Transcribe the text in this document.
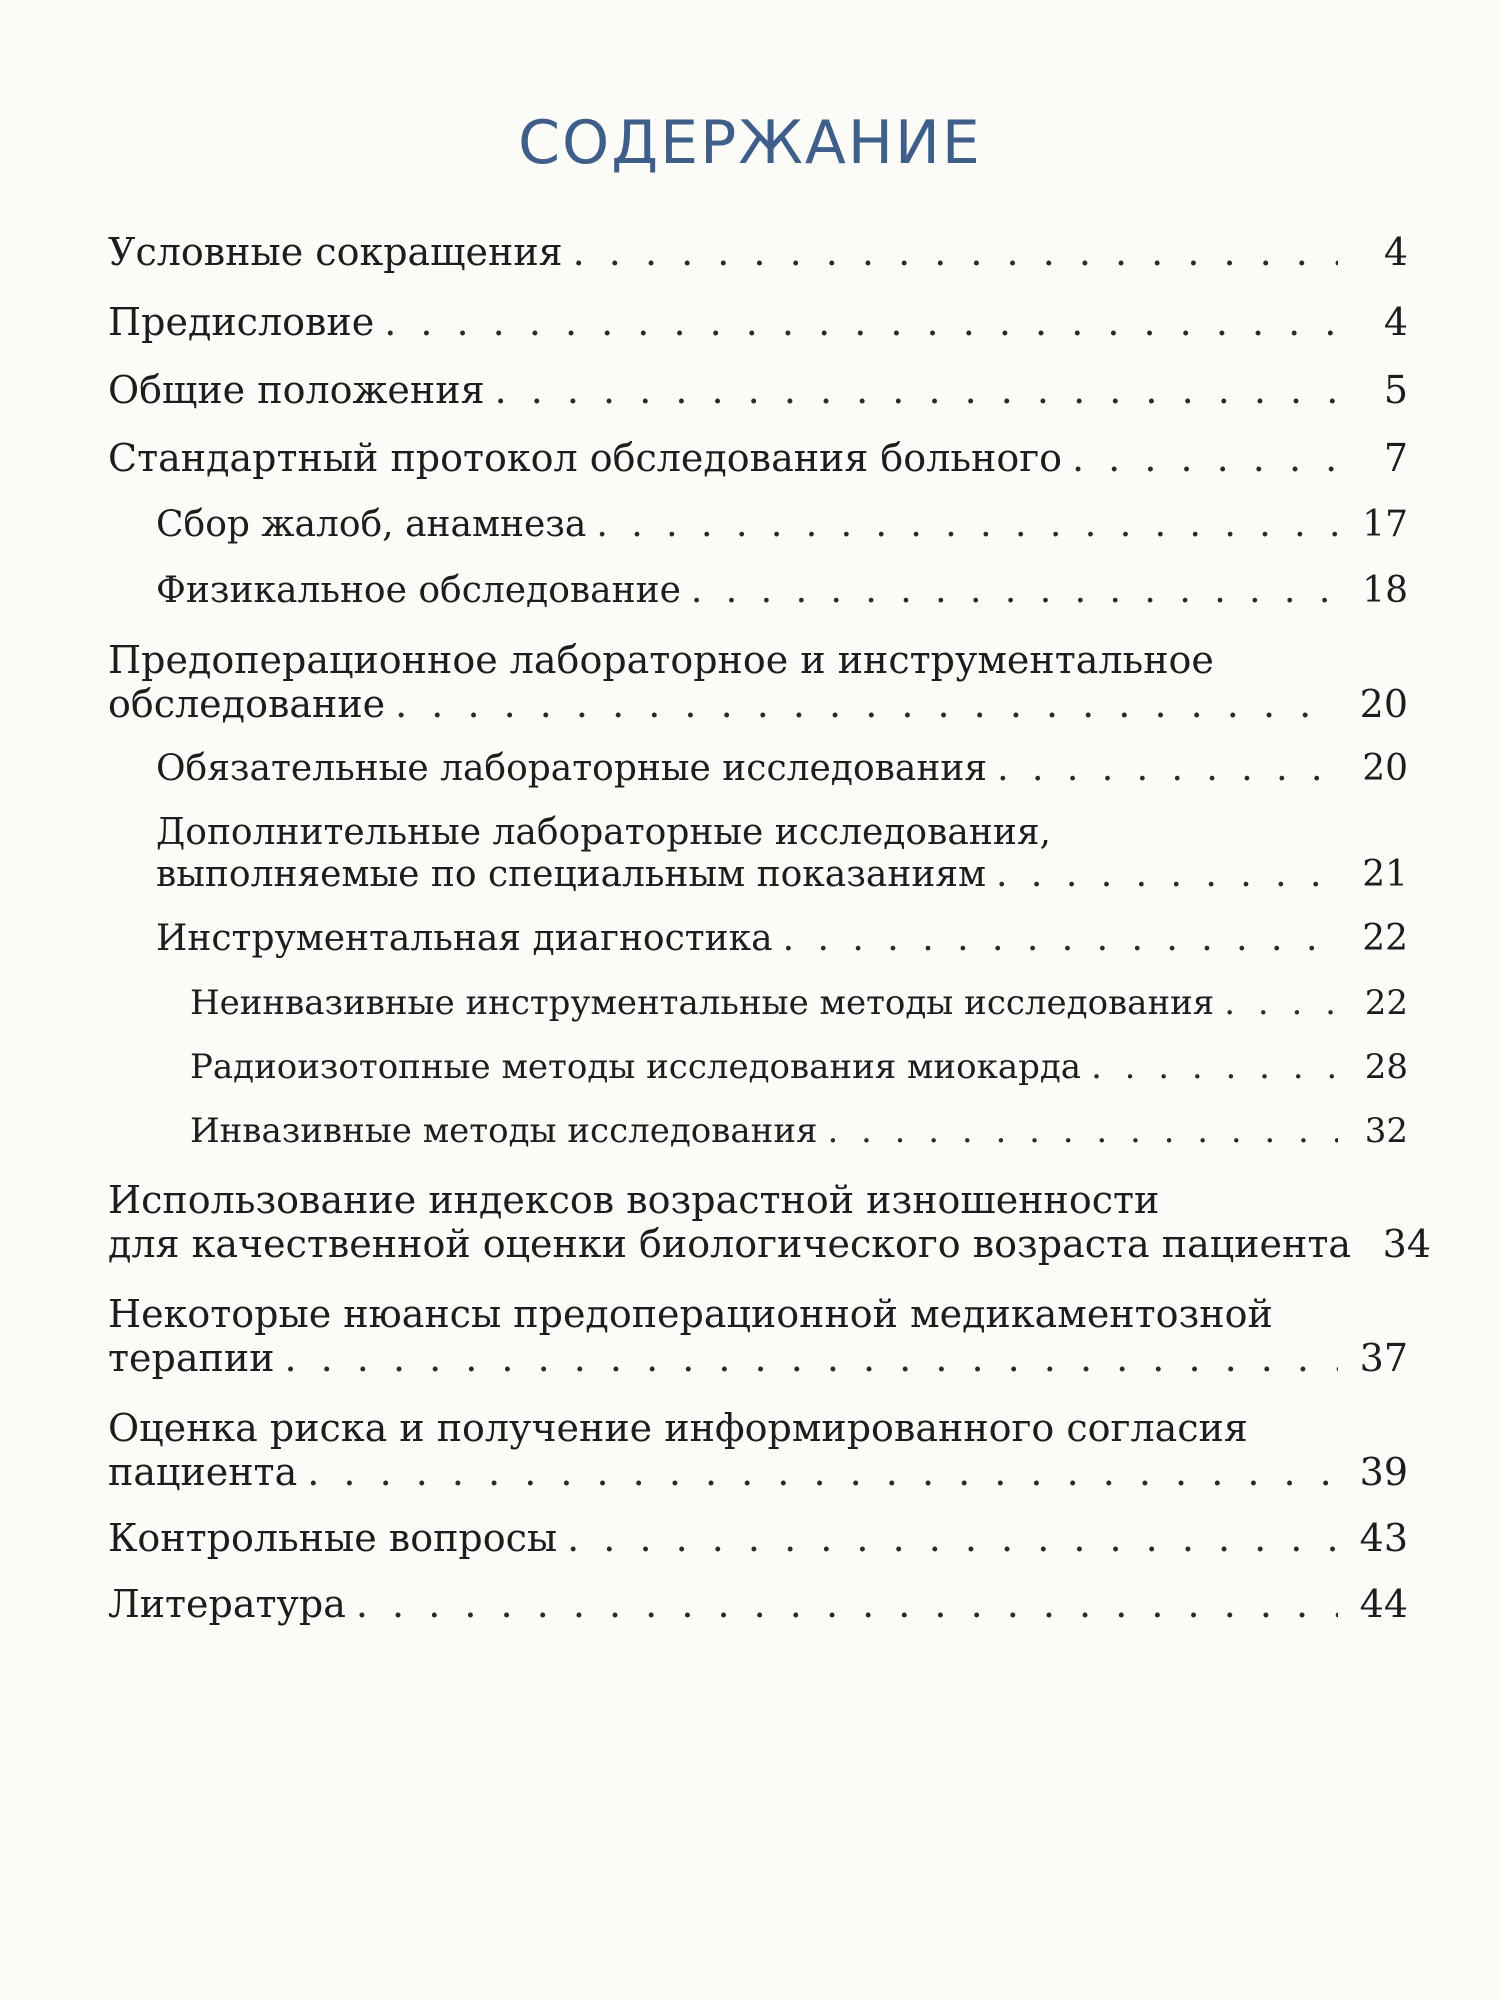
СОДЕРЖАНИЕ
Условные сокращения . . .	4
Предисловие . . .	4
Общие положения . . .	5
Стандартный протокол обследования больного . . .	7
Сбор жалоб, анамнеза . . .	17
Физикальное обследование . . .	18
Предоперационное лабораторное и инструментальное
обследование . . .	20
Обязательные лабораторные исследования . . .	20
Дополнительные лабораторные исследования,
выполняемые по специальным показаниям . . .	21
Инструментальная диагностика . . .	22
Неинвазивные инструментальные методы исследования . . .	22
Радиоизотопные методы исследования миокарда . . .	28
Инвазивные методы исследования . . .	32
Использование индексов возрастной изношенности
для качественной оценки биологического возраста пациента 34
Некоторые нюансы предоперационной медикаментозной
терапии . . .	37
Оценка риска и получение информированного согласия
пациента . . .	39
Контрольные вопросы . . .	43
Литература . . .	44
